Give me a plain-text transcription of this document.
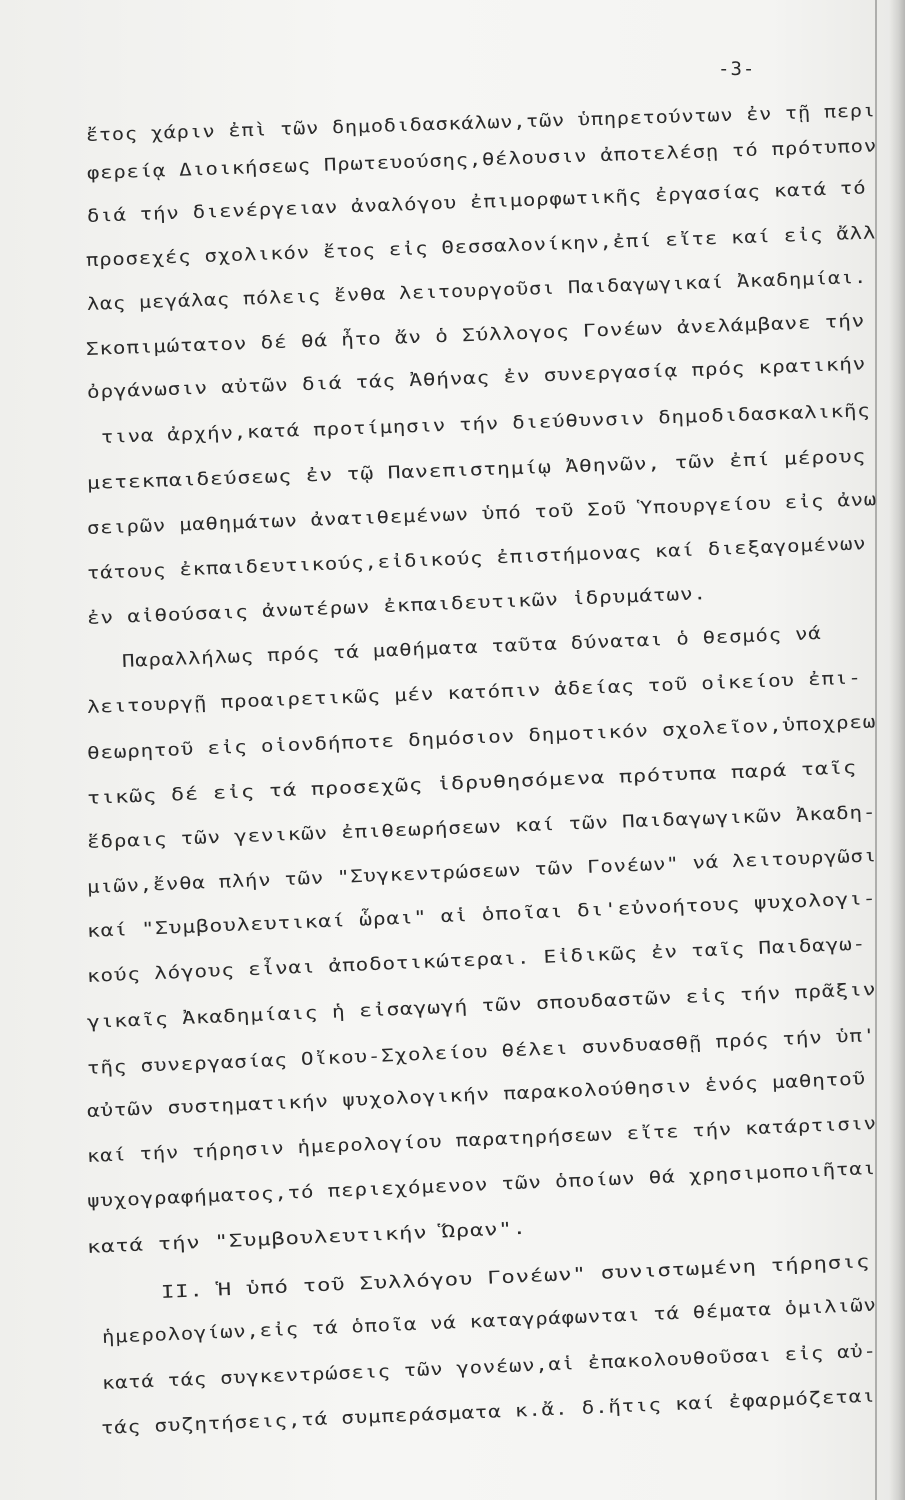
-3-
ἔτος χάριν ἐπὶ τῶν δημοδιδασκάλων,τῶν ὑπηρετούντων ἐν τῇ περι
φερείᾳ Διοικήσεως Πρωτευούσης,θέλουσιν ἀποτελέσῃ τό πρότυπον
διά τήν διενέργειαν ἀναλόγου ἐπιμορφωτικῆς ἐργασίας κατά τό
προσεχές σχολικόν ἔτος εἰς Θεσσαλονίκην,ἐπί εἴτε καί εἰς ἄλλ
λας μεγάλας πόλεις ἔνθα λειτουργοῦσι Παιδαγωγικαί Ἀκαδημίαι.
Σκοπιμώτατον δέ θά ἦτο ἄν ὁ Σύλλογος Γονέων ἀνελάμβανε τήν
ὀργάνωσιν αὐτῶν διά τάς Ἀθήνας ἐν συνεργασίᾳ πρός κρατικήν
τινα ἀρχήν,κατά προτίμησιν τήν διεύθυνσιν δημοδιδασκαλικῆς
μετεκπαιδεύσεως ἐν τῷ Πανεπιστημίῳ Ἀθηνῶν, τῶν ἐπί μέρους
σειρῶν μαθημάτων ἀνατιθεμένων ὑπό τοῦ Σοῦ Ὑπουργείου εἰς ἀνω
τάτους ἐκπαιδευτικούς,εἰδικούς ἐπιστήμονας καί διεξαγομένων
ἐν αἰθούσαις ἀνωτέρων ἐκπαιδευτικῶν ἱδρυμάτων.
Παραλλήλως πρός τά μαθήματα ταῦτα δύναται ὁ θεσμός νά
λειτουργῇ προαιρετικῶς μέν κατόπιν ἀδείας τοῦ οἰκείου ἐπι-
θεωρητοῦ εἰς οἱονδήποτε δημόσιον δημοτικόν σχολεῖον,ὑποχρεω
τικῶς δέ εἰς τά προσεχῶς ἱδρυθησόμενα πρότυπα παρά ταῖς
ἕδραις τῶν γενικῶν ἐπιθεωρήσεων καί τῶν Παιδαγωγικῶν Ἀκαδη-
μιῶν,ἔνθα πλήν τῶν "Συγκεντρώσεων τῶν Γονέων" νά λειτουργῶσι
καί "Συμβουλευτικαί ὧραι" αἱ ὁποῖαι δι'εὐνοήτους ψυχολογι-
κούς λόγους εἶναι ἀποδοτικώτεραι. Εἰδικῶς ἐν ταῖς Παιδαγω-
γικαῖς Ἀκαδημίαις ἡ εἰσαγωγή τῶν σπουδαστῶν εἰς τήν πρᾶξιν
τῆς συνεργασίας Οἴκου-Σχολείου θέλει συνδυασθῇ πρός τήν ὑπ'
αὐτῶν συστηματικήν ψυχολογικήν παρακολούθησιν ἑνός μαθητοῦ
καί τήν τήρησιν ἡμερολογίου παρατηρήσεων εἴτε τήν κατάρτισιν
ψυχογραφήματος,τό περιεχόμενον τῶν ὁποίων θά χρησιμοποιῆται
κατά τήν "Συμβουλευτικήν Ὥραν".
II. Ἡ ὑπό τοῦ Συλλόγου Γονέων" συνιστωμένη τήρησις
ἡμερολογίων,εἰς τά ὁποῖα νά καταγράφωνται τά θέματα ὁμιλιῶν
κατά τάς συγκεντρώσεις τῶν γονέων,αἱ ἐπακολουθοῦσαι εἰς αὐ-
τάς συζητήσεις,τά συμπεράσματα κ.ἄ. δ.ἥτις καί ἐφαρμόζεται
